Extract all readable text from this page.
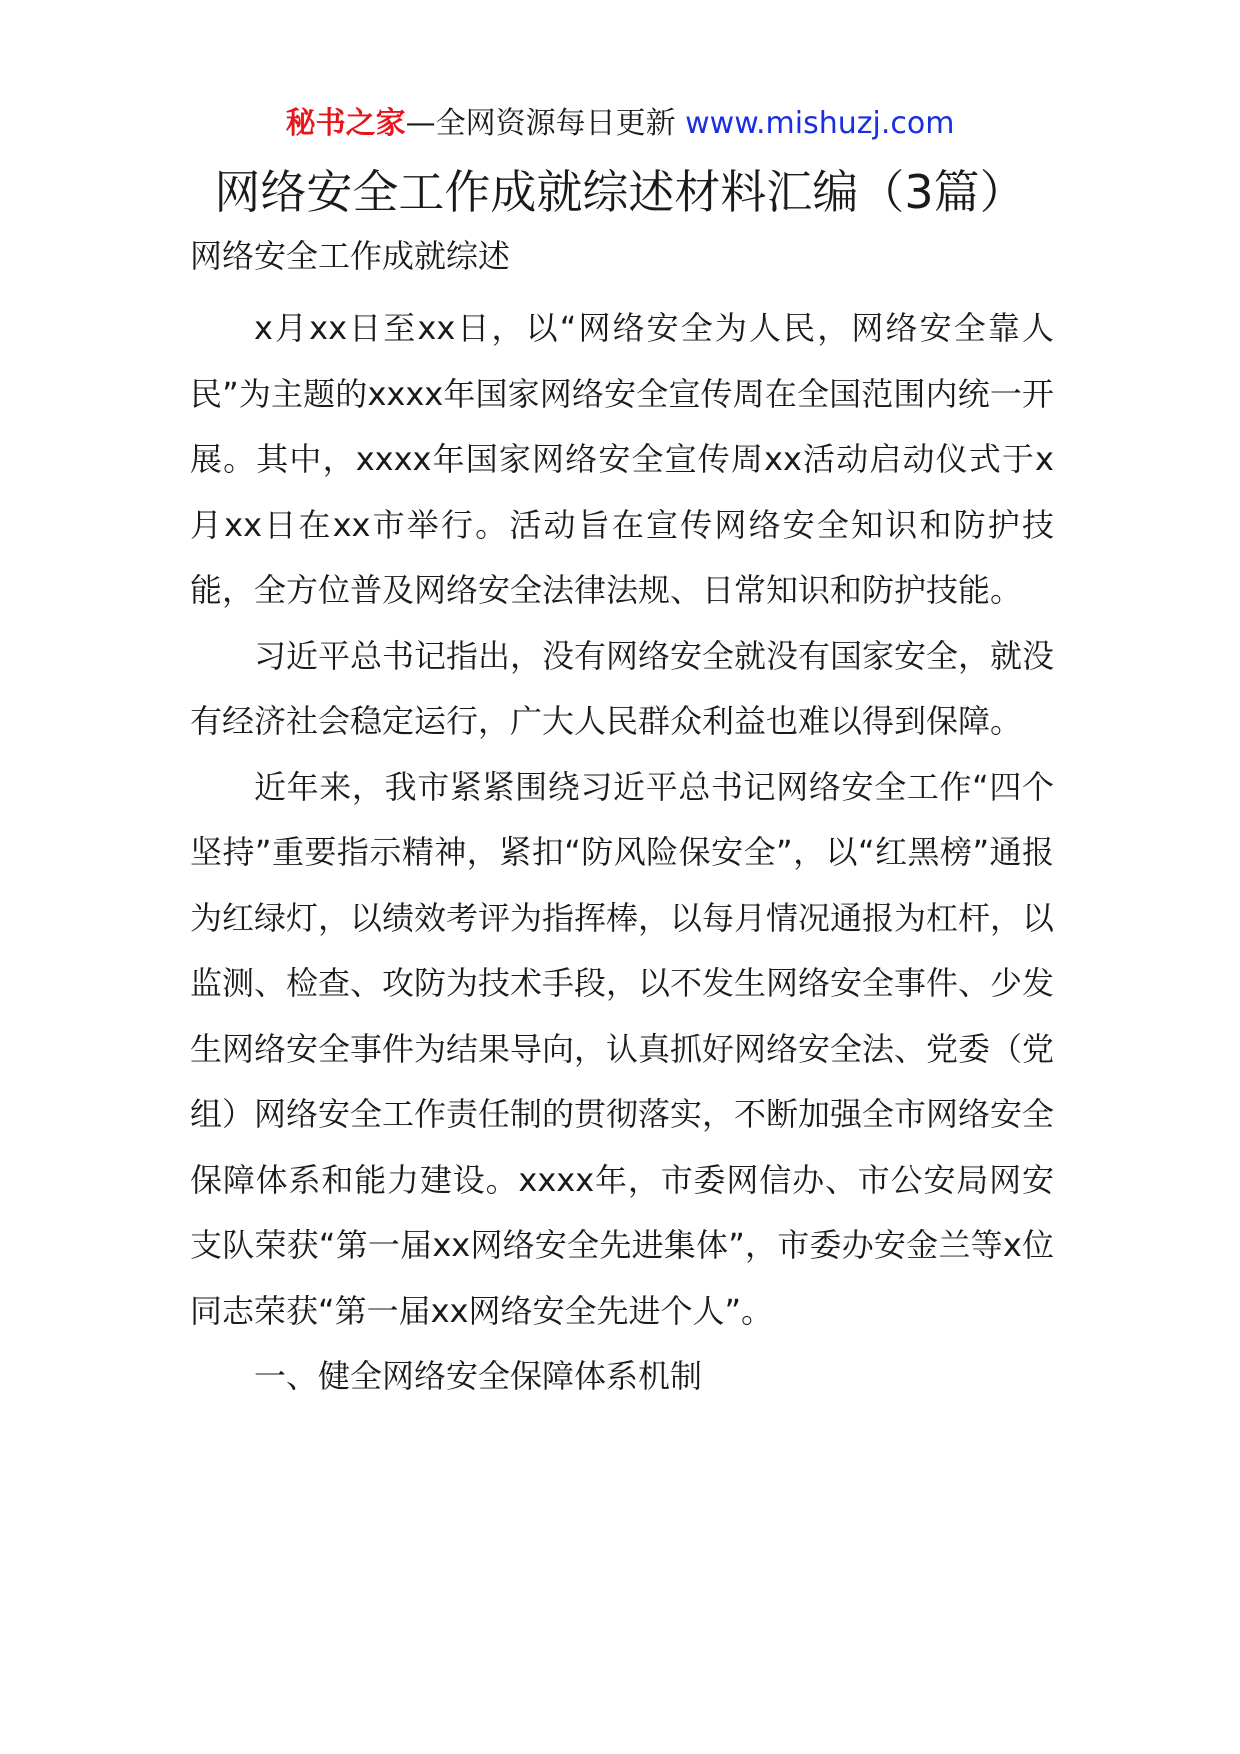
秘书之家—全网资源每日更新 www.mishuzj.com
网络安全工作成就综述材料汇编（3篇）
网络安全工作成就综述

x月xx日至xx日，以“网络安全为人民，网络安全靠人民”为主题的xxxx年国家网络安全宣传周在全国范围内统一开展。其中，xxxx年国家网络安全宣传周xx活动启动仪式于x月xx日在xx市举行。活动旨在宣传网络安全知识和防护技能，全方位普及网络安全法律法规、日常知识和防护技能。

习近平总书记指出，没有网络安全就没有国家安全，就没有经济社会稳定运行，广大人民群众利益也难以得到保障。

近年来，我市紧紧围绕习近平总书记网络安全工作“四个坚持”重要指示精神，紧扣“防风险保安全”，以“红黑榜”通报为红绿灯，以绩效考评为指挥棒，以每月情况通报为杠杆，以监测、检查、攻防为技术手段，以不发生网络安全事件、少发生网络安全事件为结果导向，认真抓好网络安全法、党委（党组）网络安全工作责任制的贯彻落实，不断加强全市网络安全保障体系和能力建设。xxxx年，市委网信办、市公安局网安支队荣获“第一届xx网络安全先进集体”，市委办安金兰等x位同志荣获“第一届xx网络安全先进个人”。

一、健全网络安全保障体系机制
